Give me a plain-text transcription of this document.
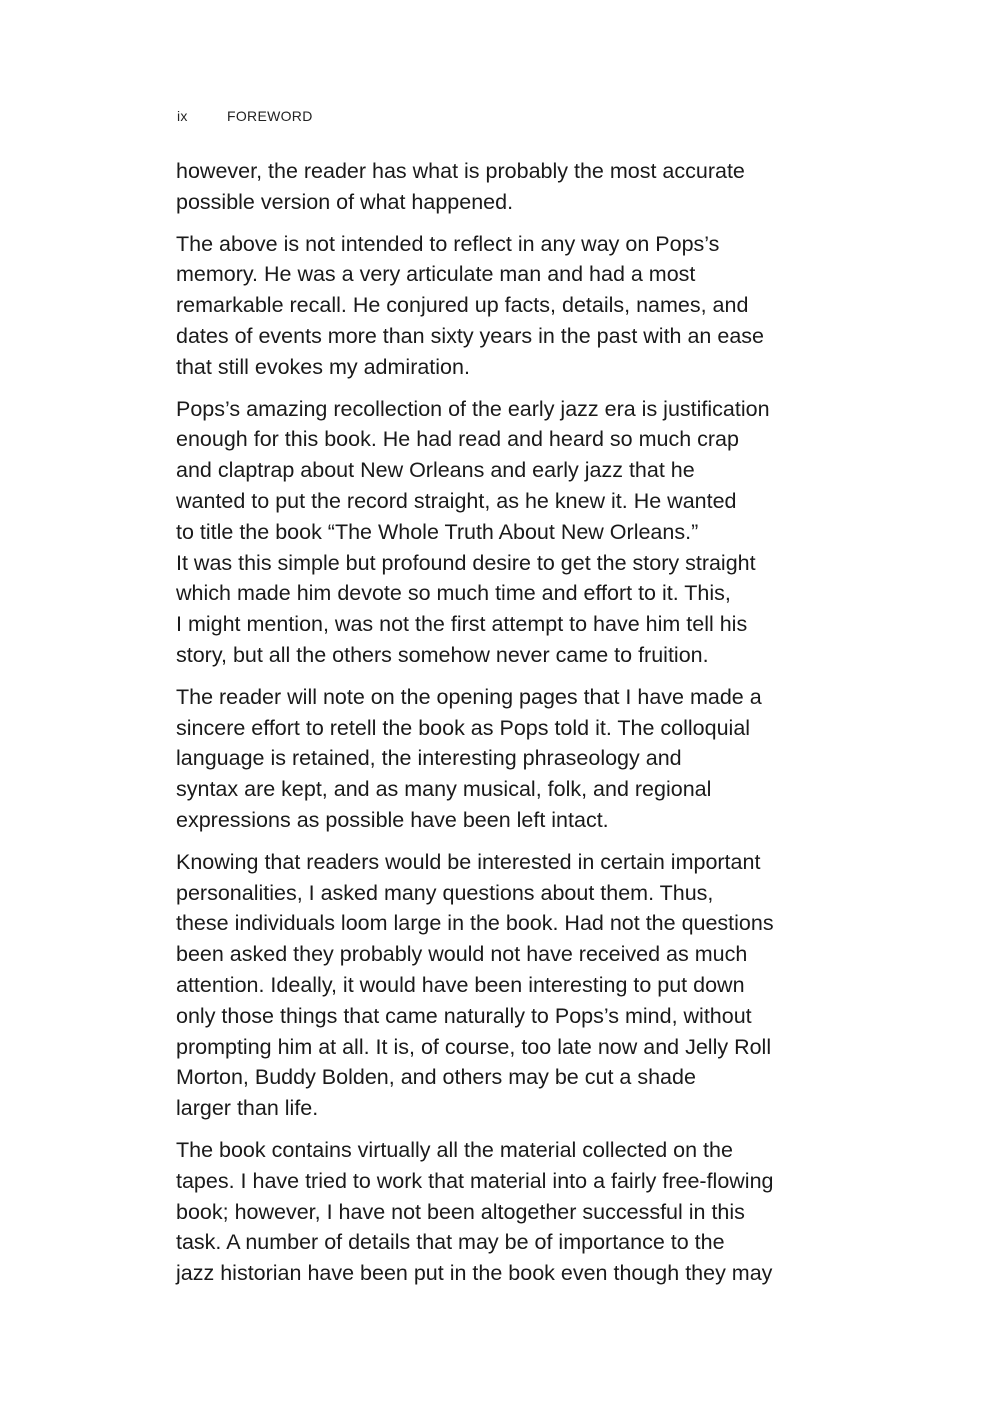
ix	FOREWORD

however, the reader has what is probably the most accurate
possible version of what happened.

The above is not intended to reflect in any way on Pops’s
memory. He was a very articulate man and had a most
remarkable recall. He conjured up facts, details, names, and
dates of events more than sixty years in the past with an ease
that still evokes my admiration.

Pops’s amazing recollection of the early jazz era is justification
enough for this book. He had read and heard so much crap
and claptrap about New Orleans and early jazz that he
wanted to put the record straight, as he knew it. He wanted
to title the book “The Whole Truth About New Orleans.”
It was this simple but profound desire to get the story straight
which made him devote so much time and effort to it. This,
I might mention, was not the first attempt to have him tell his
story, but all the others somehow never came to fruition.

The reader will note on the opening pages that I have made a
sincere effort to retell the book as Pops told it. The colloquial
language is retained, the interesting phraseology and
syntax are kept, and as many musical, folk, and regional
expressions as possible have been left intact.

Knowing that readers would be interested in certain important
personalities, I asked many questions about them. Thus,
these individuals loom large in the book. Had not the questions
been asked they probably would not have received as much
attention. Ideally, it would have been interesting to put down
only those things that came naturally to Pops’s mind, without
prompting him at all. It is, of course, too late now and Jelly Roll
Morton, Buddy Bolden, and others may be cut a shade
larger than life.

The book contains virtually all the material collected on the
tapes. I have tried to work that material into a fairly free-flowing
book; however, I have not been altogether successful in this
task. A number of details that may be of importance to the
jazz historian have been put in the book even though they may
